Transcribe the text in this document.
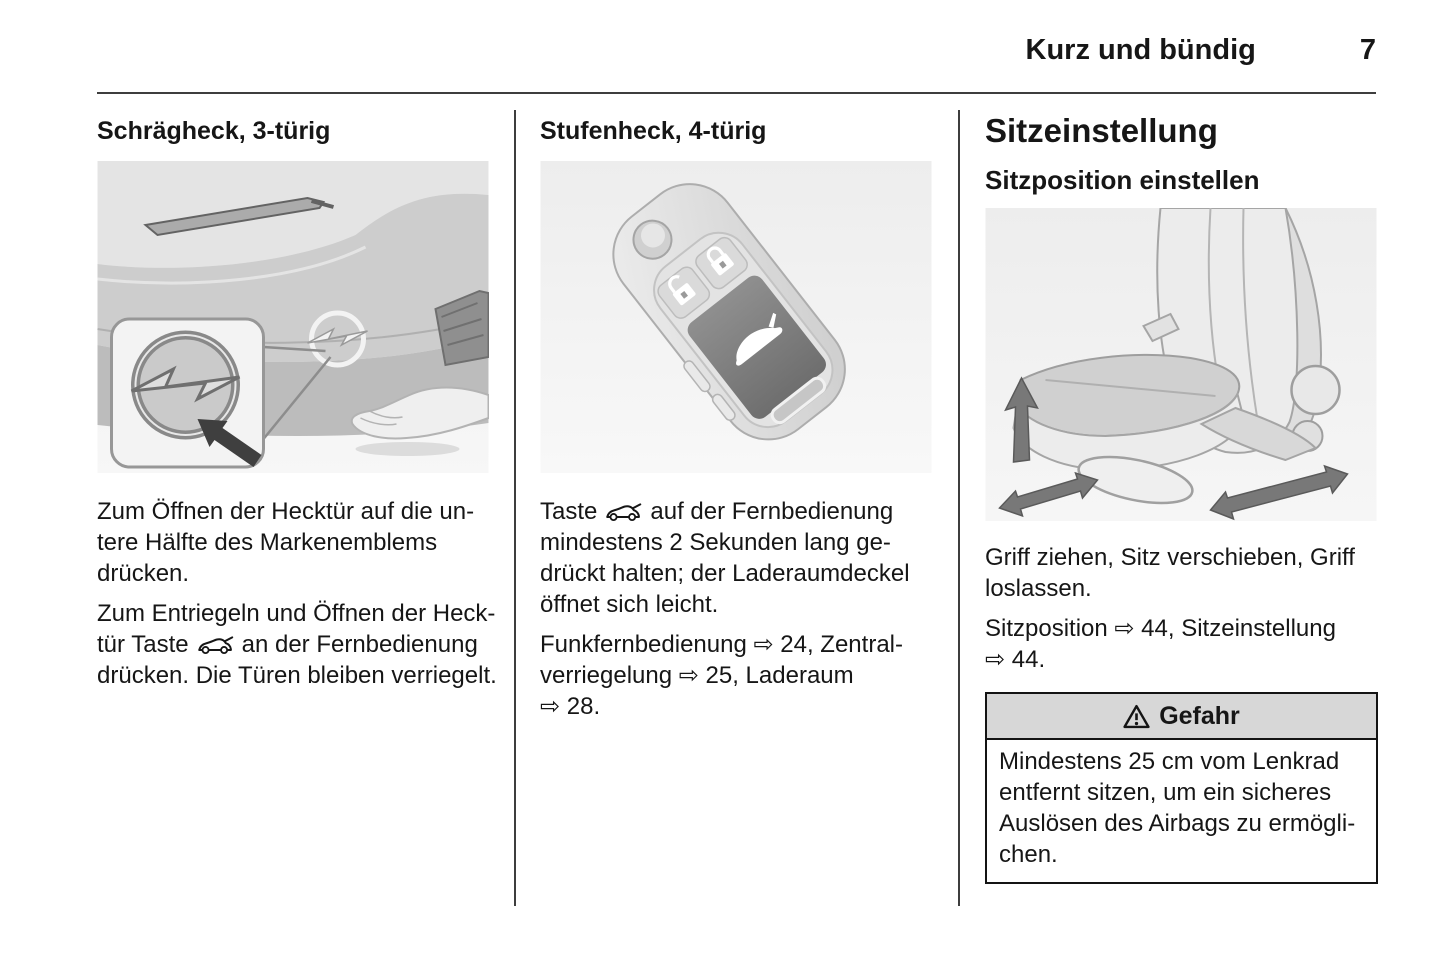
Kurz und bündig	7
Schrägheck, 3-türig
Zum Öffnen der Hecktür auf die un-
tere Hälfte des Markenemblems
drücken.
Zum Entriegeln und Öffnen der Heck-
tür Taste an der Fernbedienung
drücken. Die Türen bleiben verriegelt.
Stufenheck, 4-türig
Taste auf der Fernbedienung
mindestens 2 Sekunden lang ge-
drückt halten; der Laderaumdeckel
öffnet sich leicht.
Funkfernbedienung ⇨ 24, Zentral-
verriegelung ⇨ 25, Laderaum
⇨ 28.
Sitzeinstellung
Sitzposition einstellen
Griff ziehen, Sitz verschieben, Griff
loslassen.
Sitzposition ⇨ 44, Sitzeinstellung
⇨ 44.
Gefahr
Mindestens 25 cm vom Lenkrad
entfernt sitzen, um ein sicheres
Auslösen des Airbags zu ermögli-
chen.
